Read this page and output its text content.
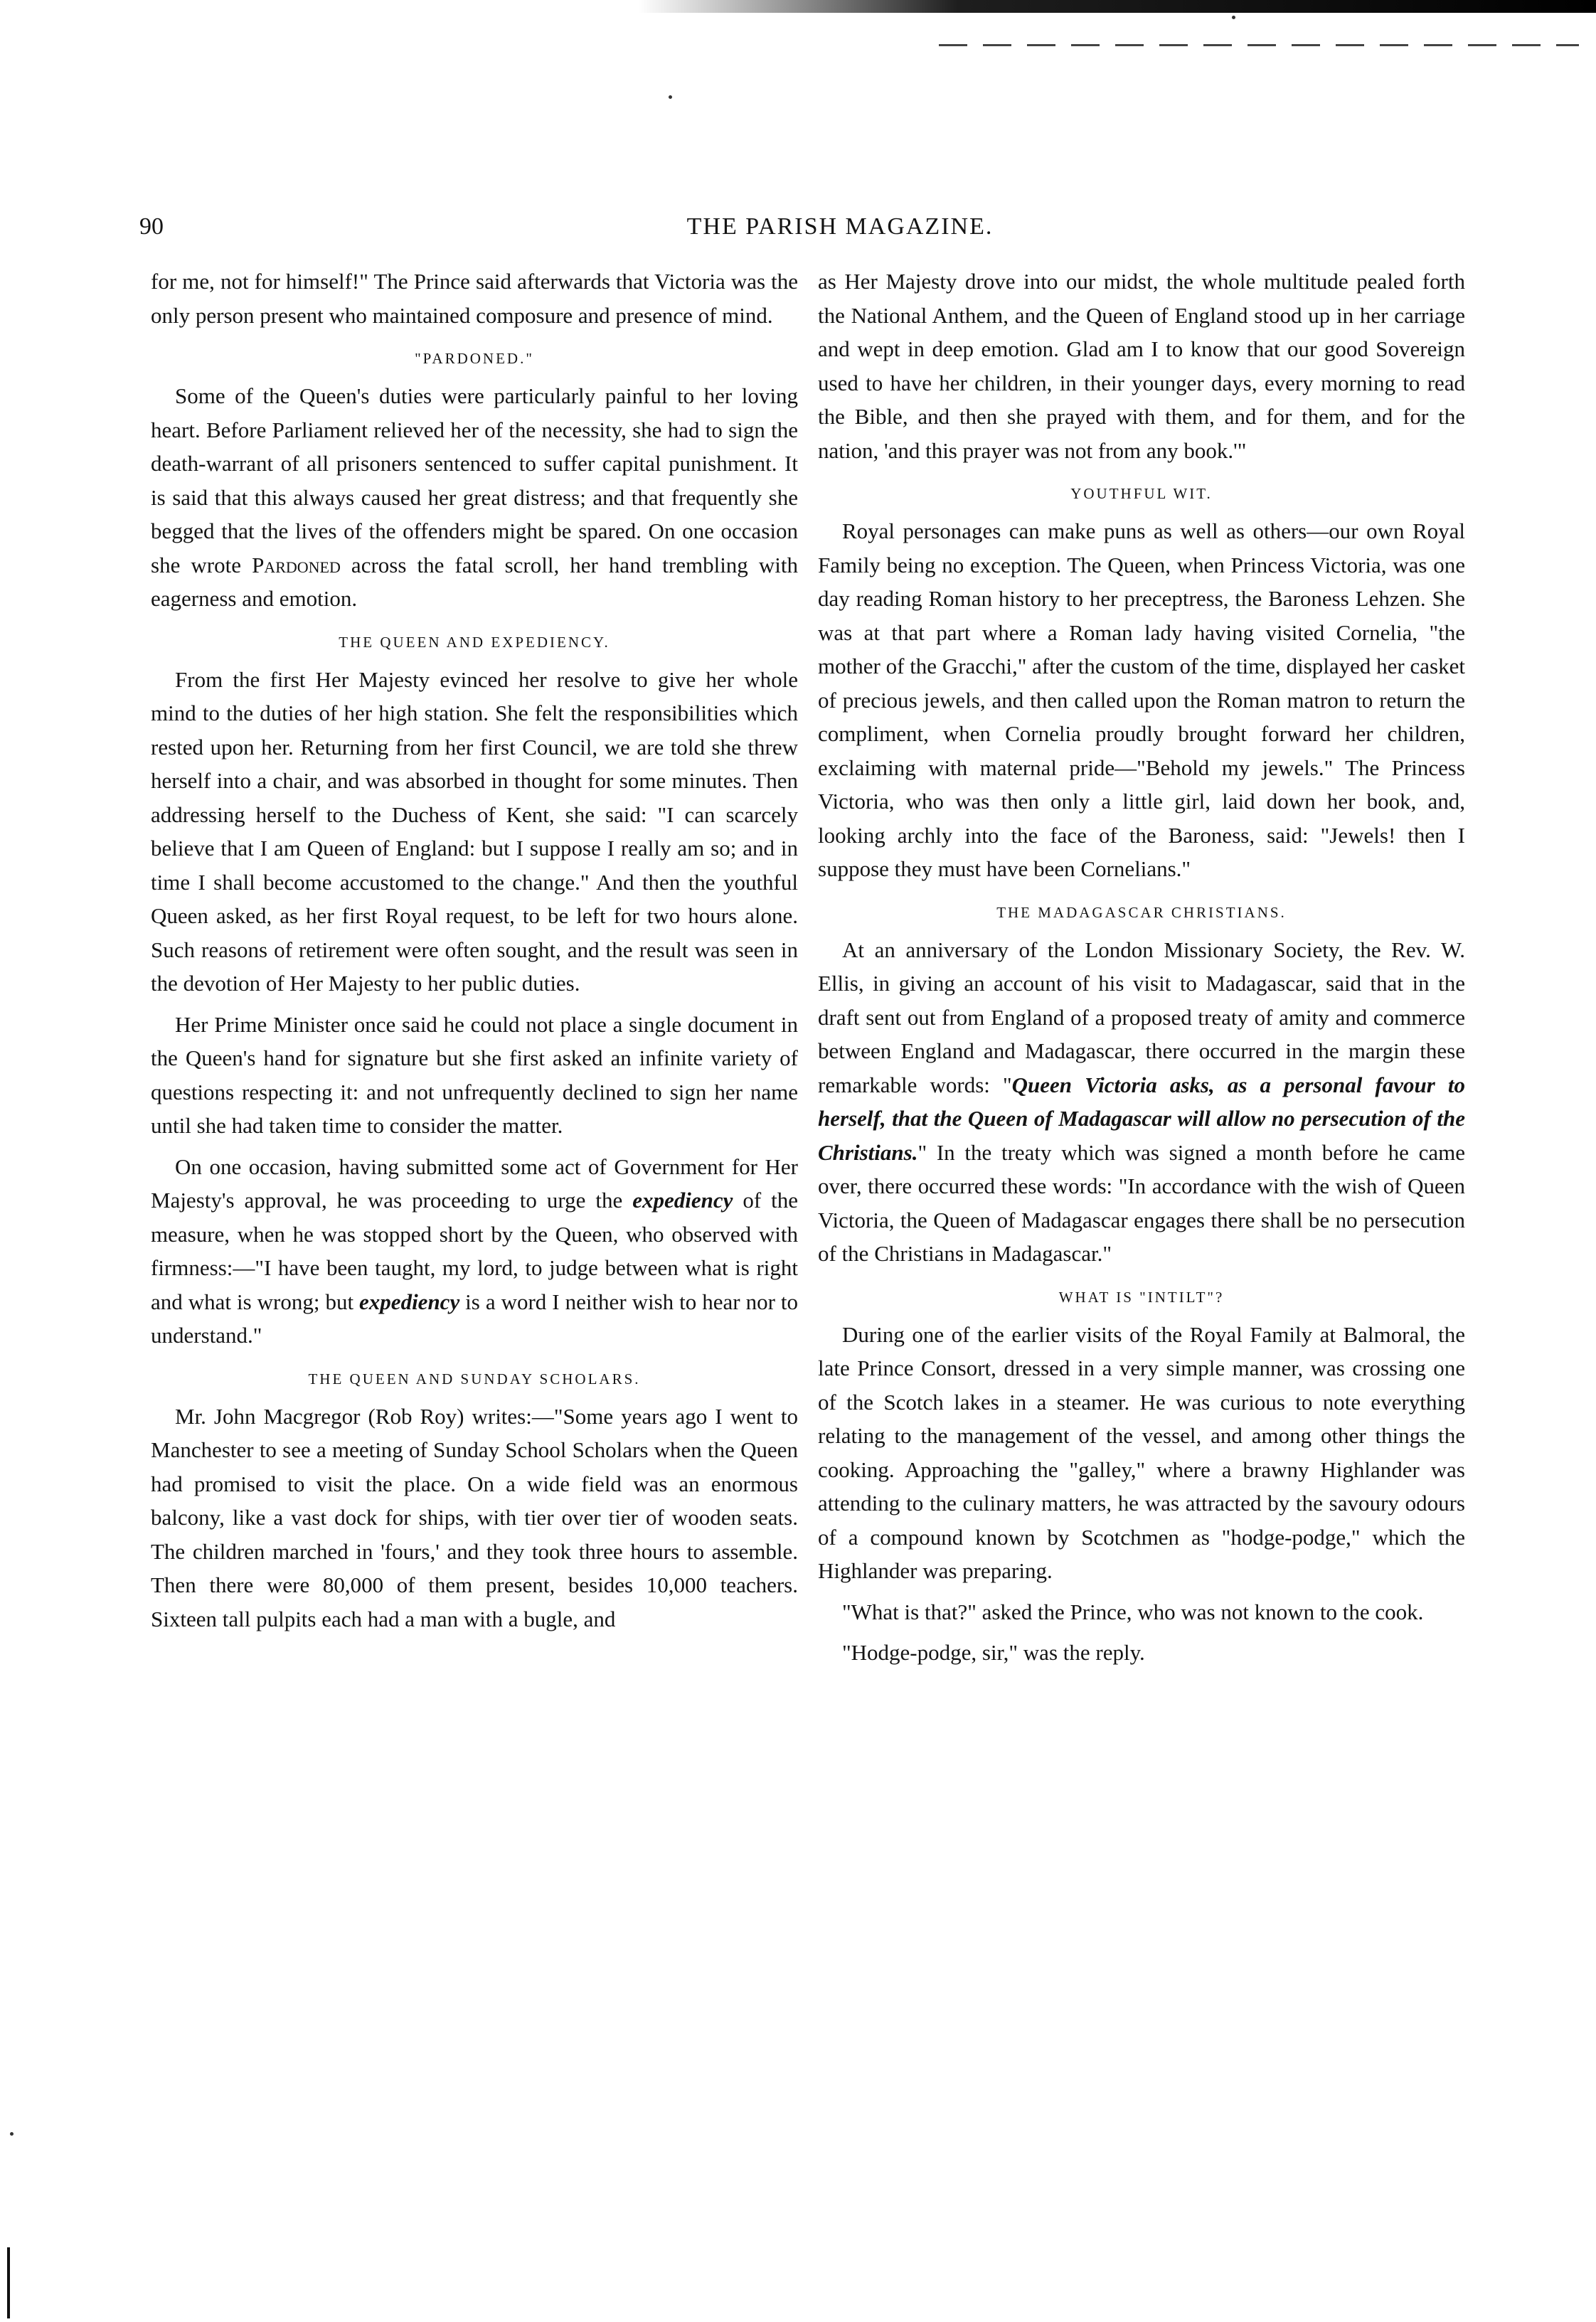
90	THE PARISH MAGAZINE.

for me, not for himself!" The Prince said afterwards that Victoria was the only person present who maintained composure and presence of mind.

"PARDONED."

Some of the Queen's duties were particularly painful to her loving heart. Before Parliament relieved her of the necessity, she had to sign the death-warrant of all prisoners sentenced to suffer capital punishment. It is said that this always caused her great distress; and that frequently she begged that the lives of the offenders might be spared. On one occasion she wrote Pardoned across the fatal scroll, her hand trembling with eagerness and emotion.

THE QUEEN AND EXPEDIENCY.

From the first Her Majesty evinced her resolve to give her whole mind to the duties of her high station. She felt the responsibilities which rested upon her. Returning from her first Council, we are told she threw herself into a chair, and was absorbed in thought for some minutes. Then addressing herself to the Duchess of Kent, she said: "I can scarcely believe that I am Queen of England: but I suppose I really am so; and in time I shall become accustomed to the change." And then the youthful Queen asked, as her first Royal request, to be left for two hours alone. Such reasons of retirement were often sought, and the result was seen in the devotion of Her Majesty to her public duties.

Her Prime Minister once said he could not place a single document in the Queen's hand for signature but she first asked an infinite variety of questions respecting it: and not unfrequently declined to sign her name until she had taken time to consider the matter.

On one occasion, having submitted some act of Government for Her Majesty's approval, he was proceeding to urge the expediency of the measure, when he was stopped short by the Queen, who observed with firmness:—"I have been taught, my lord, to judge between what is right and what is wrong; but expediency is a word I neither wish to hear nor to understand."

THE QUEEN AND SUNDAY SCHOLARS.

Mr. John Macgregor (Rob Roy) writes:—"Some years ago I went to Manchester to see a meeting of Sunday School Scholars when the Queen had promised to visit the place. On a wide field was an enormous balcony, like a vast dock for ships, with tier over tier of wooden seats. The children marched in 'fours,' and they took three hours to assemble. Then there were 80,000 of them present, besides 10,000 teachers. Sixteen tall pulpits each had a man with a bugle, and

as Her Majesty drove into our midst, the whole multitude pealed forth the National Anthem, and the Queen of England stood up in her carriage and wept in deep emotion. Glad am I to know that our good Sovereign used to have her children, in their younger days, every morning to read the Bible, and then she prayed with them, and for them, and for the nation, 'and this prayer was not from any book.'"

YOUTHFUL WIT.

Royal personages can make puns as well as others—our own Royal Family being no exception. The Queen, when Princess Victoria, was one day reading Roman history to her preceptress, the Baroness Lehzen. She was at that part where a Roman lady having visited Cornelia, "the mother of the Gracchi," after the custom of the time, displayed her casket of precious jewels, and then called upon the Roman matron to return the compliment, when Cornelia proudly brought forward her children, exclaiming with maternal pride—"Behold my jewels." The Princess Victoria, who was then only a little girl, laid down her book, and, looking archly into the face of the Baroness, said: "Jewels! then I suppose they must have been Cornelians."

THE MADAGASCAR CHRISTIANS.

At an anniversary of the London Missionary Society, the Rev. W. Ellis, in giving an account of his visit to Madagascar, said that in the draft sent out from England of a proposed treaty of amity and commerce between England and Madagascar, there occurred in the margin these remarkable words: "Queen Victoria asks, as a personal favour to herself, that the Queen of Madagascar will allow no persecution of the Christians." In the treaty which was signed a month before he came over, there occurred these words: "In accordance with the wish of Queen Victoria, the Queen of Madagascar engages there shall be no persecution of the Christians in Madagascar."

WHAT IS "INTILT"?

During one of the earlier visits of the Royal Family at Balmoral, the late Prince Consort, dressed in a very simple manner, was crossing one of the Scotch lakes in a steamer. He was curious to note everything relating to the management of the vessel, and among other things the cooking. Approaching the "galley," where a brawny Highlander was attending to the culinary matters, he was attracted by the savoury odours of a compound known by Scotchmen as "hodge-podge," which the Highlander was preparing.

"What is that?" asked the Prince, who was not known to the cook.

"Hodge-podge, sir," was the reply.
